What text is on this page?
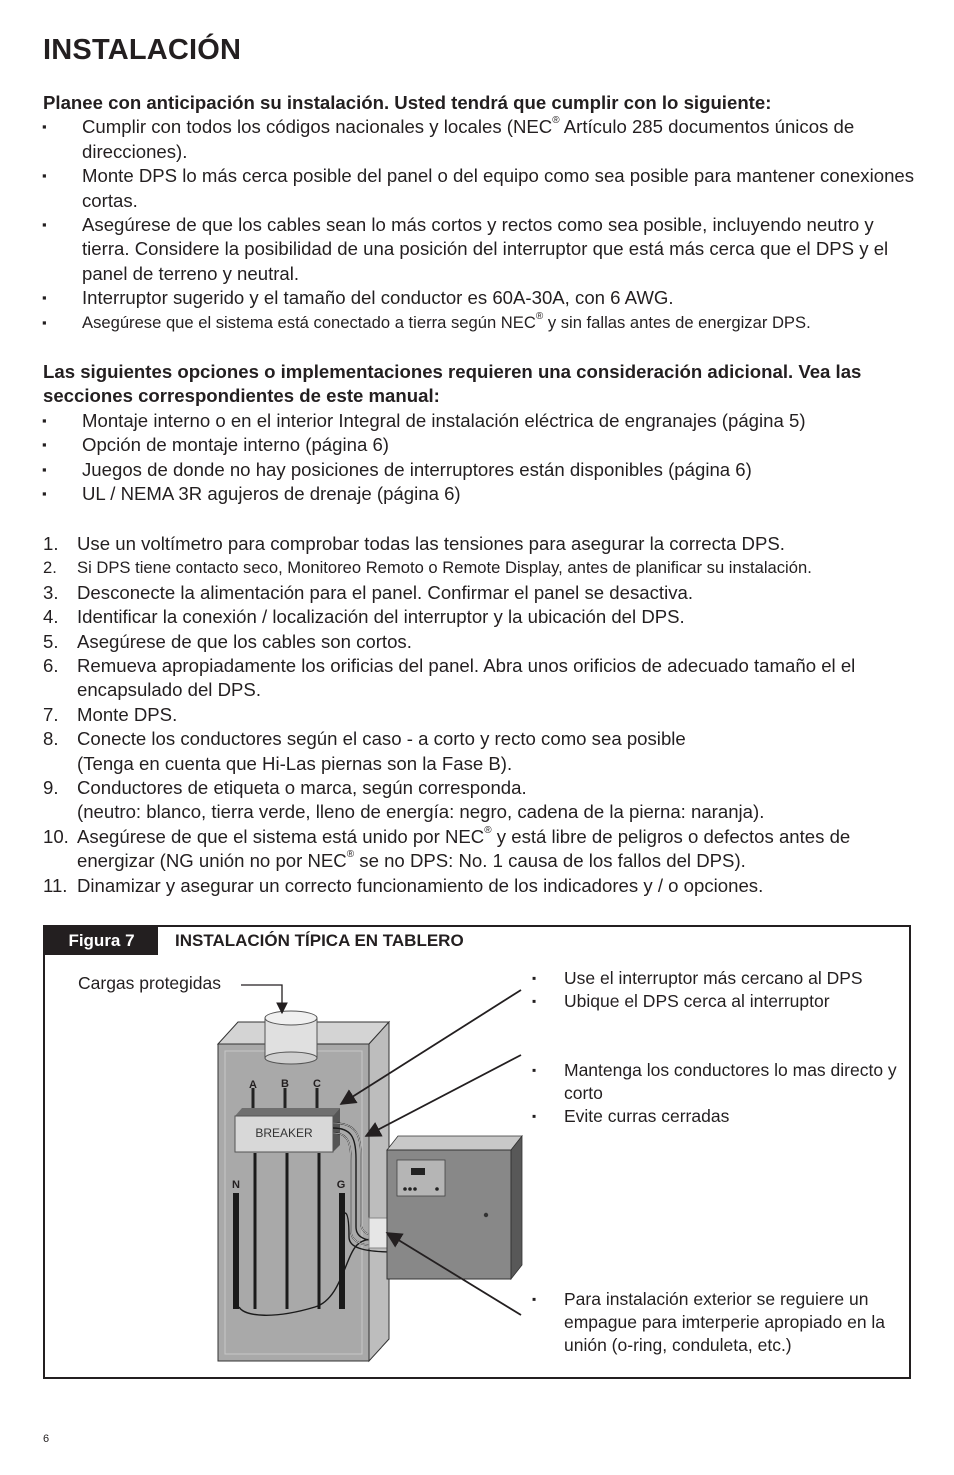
INSTALACIÓN
Planee con anticipación su instalación. Usted tendrá que cumplir con lo siguiente:
▪ Cumplir con todos los códigos nacionales y locales (NEC® Artículo 285 documentos únicos de direcciones).
▪ Monte DPS lo más cerca posible del panel o del equipo como sea posible para mantener conexiones cortas.
▪ Asegúrese de que los cables sean lo más cortos y rectos como sea posible, incluyendo neutro y tierra. Considere la posibilidad de una posición del interruptor que está más cerca que el DPS y el panel de terreno y neutral.
▪ Interruptor sugerido y el tamaño del conductor es 60A-30A, con 6 AWG.
▪ Asegúrese que el sistema está conectado a tierra según NEC® y sin fallas antes de energizar DPS.
Las siguientes opciones o implementaciones requieren una consideración adicional. Vea las secciones correspondientes de este manual:
▪ Montaje interno o en el interior Integral de instalación eléctrica de engranajes (página 5)
▪ Opción de montaje interno (página 6)
▪ Juegos de donde no hay posiciones de interruptores están disponibles (página 6)
▪ UL / NEMA 3R agujeros de drenaje (página 6)
1. Use un voltímetro para comprobar todas las tensiones para asegurar la correcta DPS.
2. Si DPS tiene contacto seco, Monitoreo Remoto o Remote Display, antes de planificar su instalación.
3. Desconecte la alimentación para el panel. Confirmar el panel se desactiva.
4. Identificar la conexión / localización del interruptor y la ubicación del DPS.
5. Asegúrese de que los cables son cortos.
6. Remueva apropiadamente los orificias del panel. Abra unos orificios de adecuado tamaño el el encapsulado del DPS.
7. Monte DPS.
8. Conecte los conductores según el caso - a corto y recto como sea posible
(Tenga en cuenta que Hi-Las piernas son la Fase B).
9. Conductores de etiqueta o marca, según corresponda.
(neutro: blanco, tierra verde, lleno de energía: negro, cadena de la pierna: naranja).
10. Asegúrese de que el sistema está unido por NEC® y está libre de peligros o defectos antes de energizar (NG unión no por NEC® se no DPS: No. 1 causa de los fallos del DPS).
11. Dinamizar y asegurar un correcto funcionamiento de los indicadores y / o opciones.
A B C
BREAKER
N	G
Figura 7	INSTALACIÓN TÍPICA EN TABLERO
Cargas protegidas
▪	Use el interruptor más cercano al DPS
▪ Ubique el DPS cerca al interruptor
▪ Mantenga los conductores lo mas directo y corto
▪ Evite curras cerradas
▪ Para instalación exterior se reguiere un empague para imterperie apropiado en la unión (o-ring, conduleta, etc.)
6
